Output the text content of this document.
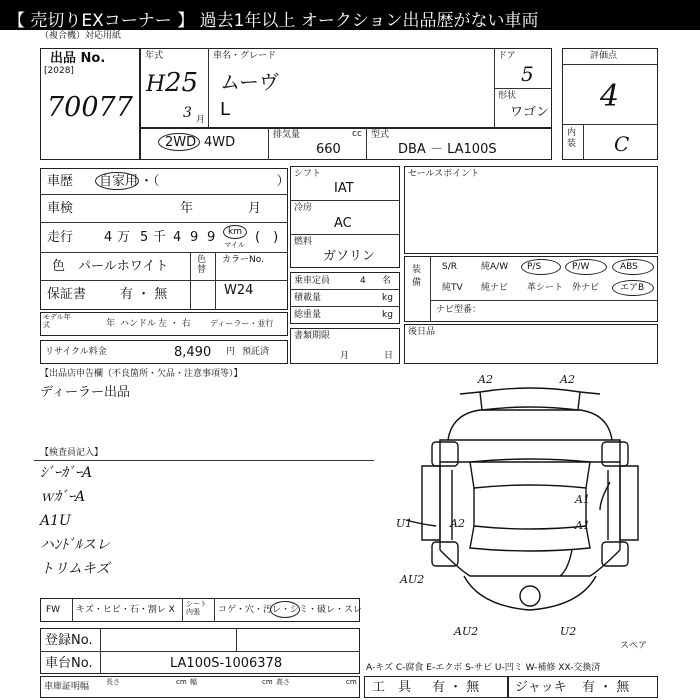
【 売切りEXコーナー 】 過去1年以上 オークション出品歴がない車両
（複合機）対応用紙
出品 No.
[2028]
70077
年式
H 25
3 月
車名・グレード
ムーヴ
L
ドア
5
形状
ワゴン
2WD 4WD	排気量	cc
660
型式
DBA － LA100S
評価点
4
内装 C
車歴 自家用 ・（　　　　　　　　　）
車検	年	月
走行 4 万 5 千 4 9 9 km
マイル (　)
色 パールホワイト	色替
カラーNo.
W24
保証書	有 ・ 無
モデル年式	年 ハンドル 左 ・ 右 ディーラー・並行
リサイクル料金	8,490 円 預託済
シフト
IAT
冷房
AC
燃料
ガソリン
乗車定員	4 名
積載量	kg
総重量	kg
書類期限
月	日
セールスポイント
装備
S/R	純A/W P/S	P/W	ABS
純TV 純ナビ 革シート 外ナビ エアB
ナビ型番：
後日品
【出品店申告欄（不良箇所・欠品・注意事項等）】
ディーラー出品
【検査員記入】
ｼﾞｰｶﾞｰA
ｗｶﾞｰA
A1U
ハﾝﾄﾞﾙスレ
トリムキズ
A2	A2
A1
A1
A2
U1
AU2
AU2	U2
スペア
FW キズ・ヒビ・石・割レ X
シート内張	コゲ・穴・汚レ・シミ・破レ・スレ
登録No.
車台No.	LA100S-1006378
車庫証明幅 長さ	cm 幅	cm 高さ	cm
A-キズ C-腐食 E-エクボ S-サビ U-凹ミ W-補修 XX-交換済
工　具 有 ・ 無	ジャッキ 有 ・ 無
